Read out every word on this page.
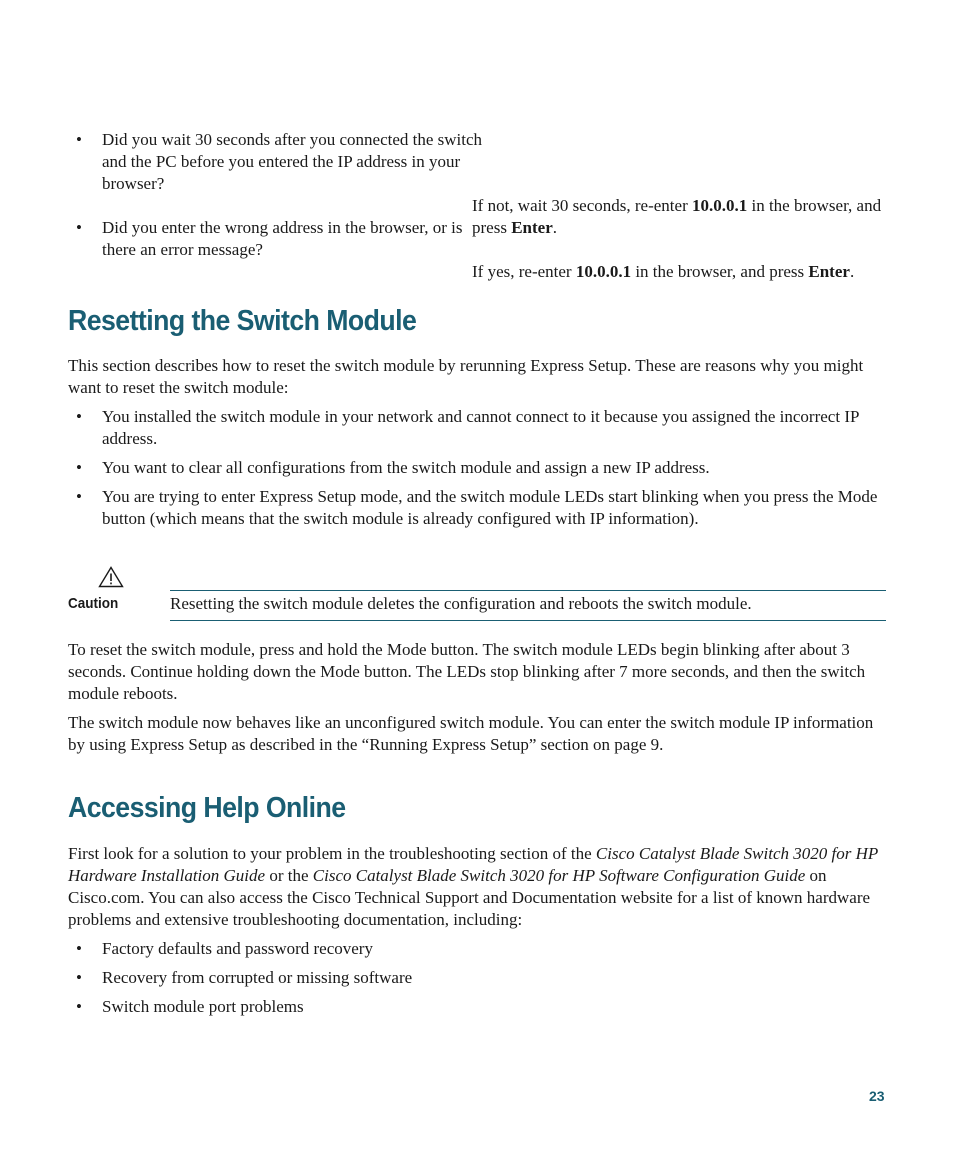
• Did you wait 30 seconds after you connected the switch and the PC before you entered the IP address in your browser?
If not, wait 30 seconds, re-enter 10.0.0.1 in the browser, and press Enter.
• Did you enter the wrong address in the browser, or is there an error message?
If yes, re-enter 10.0.0.1 in the browser, and press Enter.
Resetting the Switch Module

This section describes how to reset the switch module by rerunning Express Setup. These are reasons why you might want to reset the switch module:

• You installed the switch module in your network and cannot connect to it because you assigned the incorrect IP address.
• You want to clear all configurations from the switch module and assign a new IP address.
• You are trying to enter Express Setup mode, and the switch module LEDs start blinking when you press the Mode button (which means that the switch module is already configured with IP information).
Caution	Resetting the switch module deletes the configuration and reboots the switch module.

To reset the switch module, press and hold the Mode button. The switch module LEDs begin blinking after about 3 seconds. Continue holding down the Mode button. The LEDs stop blinking after 7 more seconds, and then the switch module reboots.

The switch module now behaves like an unconfigured switch module. You can enter the switch module IP information by using Express Setup as described in the “Running Express Setup” section on page 9.

Accessing Help Online

First look for a solution to your problem in the troubleshooting section of the Cisco Catalyst Blade Switch 3020 for HP Hardware Installation Guide or the Cisco Catalyst Blade Switch 3020 for HP Software Configuration Guide on Cisco.com. You can also access the Cisco Technical Support and Documentation website for a list of known hardware problems and extensive troubleshooting documentation, including:

• Factory defaults and password recovery
• Recovery from corrupted or missing software
• Switch module port problems
23
